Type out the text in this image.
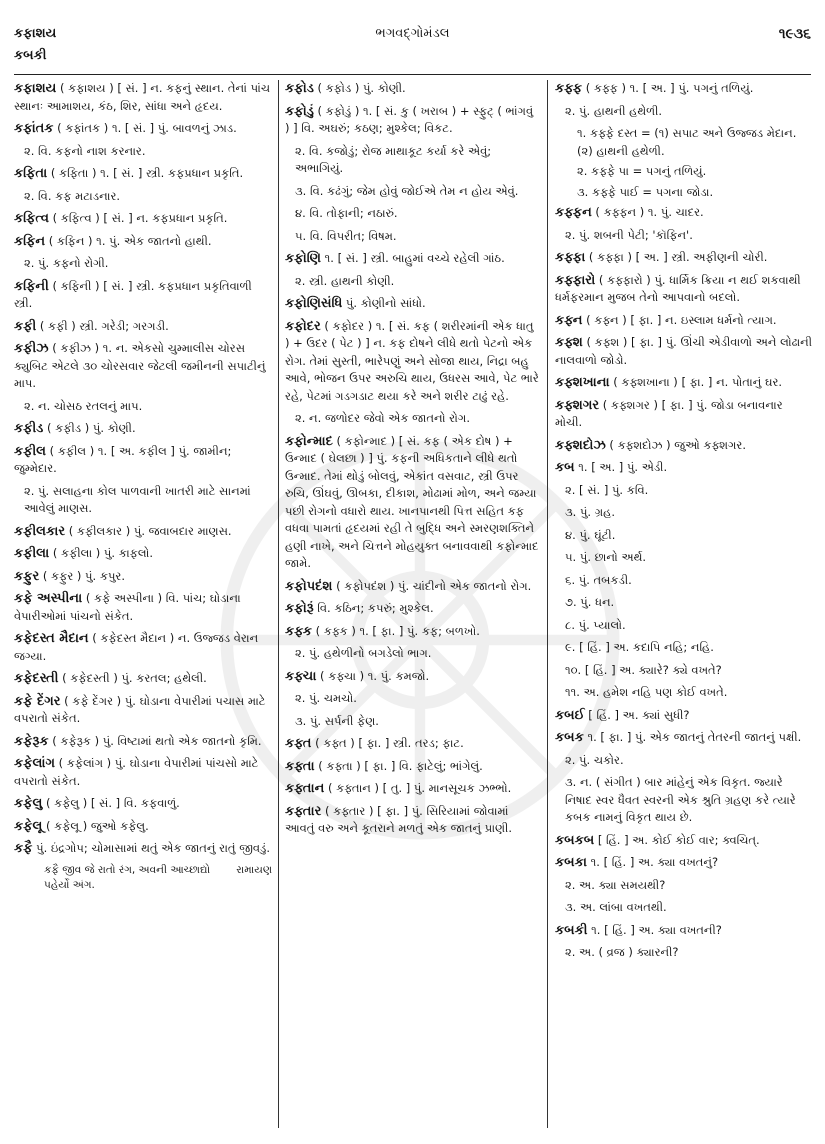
કફાશય
કબકી
ભગવદ્ગોમંડલ	૧૯૩૬
કફાશય ( કફાશય ) [ સં. ] ન. કફનું સ્થાન. તેનાં પાંચ સ્થાનઃ આમાશય, કંઠ, શિર, સાંધા અને હૃદય.
કફાંતક ( કફાંતક ) ૧. [ સં. ] પું. બાવળનું ઝાડ.
૨. વિ. કફનો નાશ કરનાર.
કફિતા ( કફિતા ) ૧. [ સં. ] સ્ત્રી. કફપ્રધાન પ્રકૃતિ.
૨. વિ. કફ મટાડનાર.
કફિત્વ ( કફિત્વ ) [ સં. ] ન. કફપ્રધાન પ્રકૃતિ.
કફિન ( કફિન ) ૧. પું. એક જાતનો હાથી.
૨. પું. કફનો રોગી.
કફિની ( કફિની ) [ સં. ] સ્ત્રી. કફપ્રધાન પ્રકૃતિવાળી સ્ત્રી.
કફી ( કફી ) સ્ત્રી. ગરેડી; ગરગડી.
કફીઝ ( કફીઝ ) ૧. ન. એકસો ચુમ્માલીસ ચોરસ ક્યુબિટ એટલે ૩૦ ચોરસવાર જેટલી જમીનની સપાટીનું માપ.
૨. ન. ચોસઠ રતલનું માપ.
કફીડ ( કફીડ ) પું. કોણી.
કફીલ ( કફીલ ) ૧. [ અ. કફીલ ] પું. જામીન; જુમ્મેદાર.
૨. પું. સલાહના કોલ પાળવાની ખાતરી માટે સાનમાં આવેલું માણસ.
કફીલકાર ( કફીલકાર ) પું. જવાબદાર માણસ.
કફીલા ( કફીલા ) પું. કાફલો.
કફુર ( કફુર ) પું. કપુર.
કફે અસ્પીના ( કફે અસ્પીના ) વિ. પાંચ; ઘોડાના વેપારીઓમાં પાંચનો સંકેત.
કફેદસ્ત મૈદાન ( કફેદસ્ત મૈદાન ) ન. ઉજ્જડ વેરાન જગ્યા.
કફેદસ્તી ( કફેદસ્તી ) પું. કરતલ; હથેલી.
કફે દેંગર ( કફે દેંગર ) પું. ઘોડાના વેપારીમાં પચાસ માટે વપરાતો સંકેત.
કફેરૂક ( કફેરૂક ) પું. વિષ્ટામાં થતો એક જાતનો કૃમિ.
કફેલાંગ ( કફેલાંગ ) પું. ઘોડાના વેપારીમાં પાંચસો માટે વપરાતો સંકેત.
કફેલુ ( કફેલુ ) [ સં. ] વિ. કફવાળું.
કફેલૂ ( કફેલૂ ) જુઓ કફેલુ.
કફૈ પું. ઇંદ્રગોપ; ચોમાસામાં થતું એક જાતનું રાતું જીવડું.
રામાયણ
કફૈ જીવ જે રાતો રંગ, અવની આચ્છાદ્યો પહેર્યો અંગ.
કફોડ ( કફોડ ) પું. કોણી.
કફોડું ( કફોડું ) ૧. [ સં. કુ ( ખરાબ ) + સ્ફુટ્ ( ભાંગવું ) ] વિ. અઘરું; કઠણ; મુશ્કેલ; વિકટ.
૨. વિ. કજોડું; રોજ માથાકૂટ કર્યા કરે એવું; અભાગિયું.
૩. વિ. કઢંગું; જેમ હોવું જોઈએ તેમ ન હોય એવું.
૪. વિ. તોફાની; નઠારું.
૫. વિ. વિપરીત; વિષમ.
કફોણિ ૧. [ સં. ] સ્ત્રી. બાહુમાં વચ્ચે રહેલી ગાંઠ.
૨. સ્ત્રી. હાથની કોણી.
કફોણિસંધિ પું. કોણીનો સાંધો.
કફોદર ( કફોદર ) ૧. [ સં. કફ ( શરીરમાંની એક ધાતુ ) + ઉદર ( પેટ ) ] ન. કફ દોષને લીધે થતો પેટનો એક રોગ. તેમાં સુસ્તી, ભારેપણું અને સોજા થાય, નિદ્રા બહુ આવે, ભોજન ઉપર અરુચિ થાય, ઉધરસ આવે, પેટ ભારે રહે, પેટમાં ગડગડાટ થયા કરે અને શરીર ટાઢું રહે.
૨. ન. જળોદર જેવો એક જાતનો રોગ.
કફોન્માદ ( કફોન્માદ ) [ સં. કફ ( એક દોષ ) + ઉન્માદ ( ઘેલછા ) ] પું. કફની અધિકતાને લીધે થતો ઉન્માદ. તેમાં થોડું બોલવું, એકાંત વસવાટ, સ્ત્રી ઉપર રુચિ, ઊંઘવું, ઊબકા, દીકાશ, મોઢામાં મોળ, અને જમ્યા પછી રોગનો વધારો થાય. ખાનપાનથી પિત્ત સહિત કફ વધવા પામતાં હૃદયમાં રહી તે બુદ્ધિ અને સ્મરણશક્તિને હણી નાખે, અને ચિત્તને મોહયુક્ત બનાવવાથી કફોન્માદ જામે.
કફોપદંશ ( કફોપદંશ ) પું. ચાંદીનો એક જાતનો રોગ.
કફોરૂં વિ. કઠિન; કપરું; મુશ્કેલ.
કફ્ક ( કફ્ક ) ૧. [ ફા. ] પું. કફ; બળખો.
૨. પું. હથેળીનો બગડેલો ભાગ.
કફ્ચા ( કફ્ચા ) ૧. પું. કમજો.
૨. પું. ચમચો.
૩. પું. સર્પની ફેણ.
કફ્ત ( કફ્ત ) [ ફા. ] સ્ત્રી. તરડ; ફાટ.
કફ્તા ( કફ્તા ) [ ફા. ] વિ. ફાટેલું; ભાંગેલું.
કફ્તાન ( કફ્તાન ) [ તુ. ] પું. માનસૂચક ઝભ્ભો.
કફ્તાર ( કફ્તાર ) [ ફા. ] પું. સિરિયામાં જોવામાં આવતું વરુ અને કૂતરાને મળતું એક જાતનું પ્રાણી.
કફ્ફ ( કફ્ફ ) ૧. [ અ. ] પું. પગનું તળિયું.
૨. પું. હાથની હથેળી.
૧. કફ્ફે દસ્ત = (૧) સપાટ અને ઉજ્જડ મેદાન. (૨) હાથની હથેળી.
૨. કફ્ફે પા = પગનું તળિયું.
૩. કફ્ફે પાઈ = પગના જોડા.
કફ્ફન ( કફ્ફન ) ૧. પું. ચાદર.
૨. પું. શબની પેટી; 'કૉફિન'.
કફ્ફા ( કફ્ફા ) [ અ. ] સ્ત્રી. અફીણની ચોરી.
કફ્ફારો ( કફ્ફારો ) પું. ધાર્મિક ક્રિયા ન થઈ શકવાથી ધર્મફરમાન મુજબ તેનો આપવાનો બદલો.
કફ્ન ( કફ્ન ) [ ફા. ] ન. ઇસ્લામ ધર્મનો ત્યાગ.
કફ્શ ( કફ્શ ) [ ફા. ] પું. ઊંચી એડીવાળો અને લોઢાની નાલવાળો જોડો.
કફ્શખાના ( કફ્શખાના ) [ ફા. ] ન. પોતાનું ઘર.
કફ્શગર ( કફ્શગર ) [ ફા. ] પું. જોડા બનાવનાર મોચી.
કફ્શદોઝ ( કફ્શદોઝ ) જુઓ કફ્શગર.
કબ ૧. [ અ. ] પું. એડી.
૨. [ સં. ] પું. કવિ.
૩. પું. ગ્રહ.
૪. પું. ઘૂંટી.
૫. પું. છાનો અર્થ.
૬. પું. તબકડી.
૭. પું. ધન.
૮. પું. પ્યાલો.
૯. [ હિં. ] અ. કદાપિ નહિ; નહિ.
૧૦. [ હિં. ] અ. ક્યારે? ક્યે વખતે?
૧૧. અ. હમેશ નહિ પણ કોઈ વખતે.
કબઈ [ હિં. ] અ. ક્યાં સુધી?
કબક ૧. [ ફા. ] પું. એક જાતનું તેતરની જાતનું પક્ષી.
૨. પું. ચકોર.
૩. ન. ( સંગીત ) બાર માંહેનું એક વિકૃત. જ્યારે નિષાદ સ્વર ધૈવત સ્વરની એક શ્રુતિ ગ્રહણ કરે ત્યારે કબક નામનું વિકૃત થાય છે.
કબકબ [ હિં. ] અ. કોઈ કોઈ વાર; ક્વચિત્.
કબકા ૧. [ હિં. ] અ. ક્યા વખતનું?
૨. અ. ક્યા સમયથી?
૩. અ. લાંબા વખતથી.
કબકી ૧. [ હિં. ] અ. ક્યા વખતની?
૨. અ. ( વ્રજ ) ક્યારની?
